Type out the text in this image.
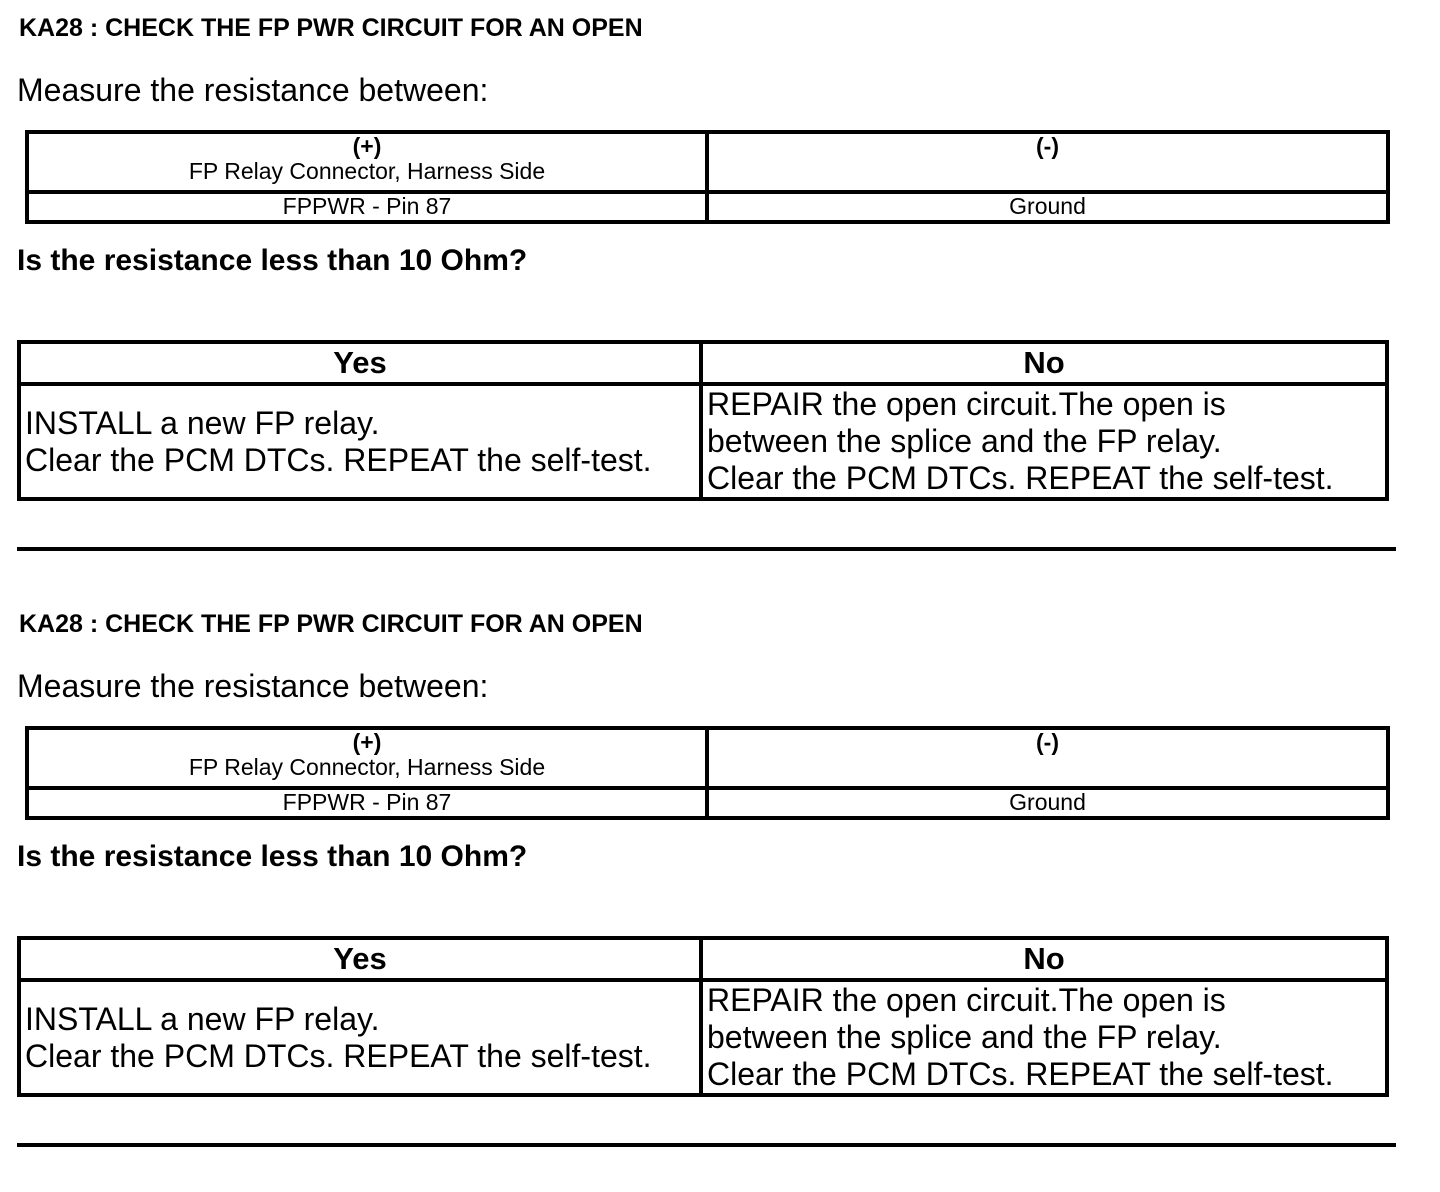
KA28 : CHECK THE FP PWR CIRCUIT FOR AN OPEN

Measure the resistance between:

(+)
FP Relay Connector, Harness Side	(-)

FPPWR - Pin 87	Ground

Is the resistance less than 10 Ohm?

Yes	No

INSTALL a new FP relay.
Clear the PCM DTCs. REPEAT the self-test.	REPAIR the open circuit.The open is
between the splice and the FP relay.
Clear the PCM DTCs. REPEAT the self-test.
KA28 : CHECK THE FP PWR CIRCUIT FOR AN OPEN

Measure the resistance between:

(+)
FP Relay Connector, Harness Side	(-)

FPPWR - Pin 87	Ground

Is the resistance less than 10 Ohm?

Yes	No

INSTALL a new FP relay.
Clear the PCM DTCs. REPEAT the self-test.	REPAIR the open circuit.The open is
between the splice and the FP relay.
Clear the PCM DTCs. REPEAT the self-test.
